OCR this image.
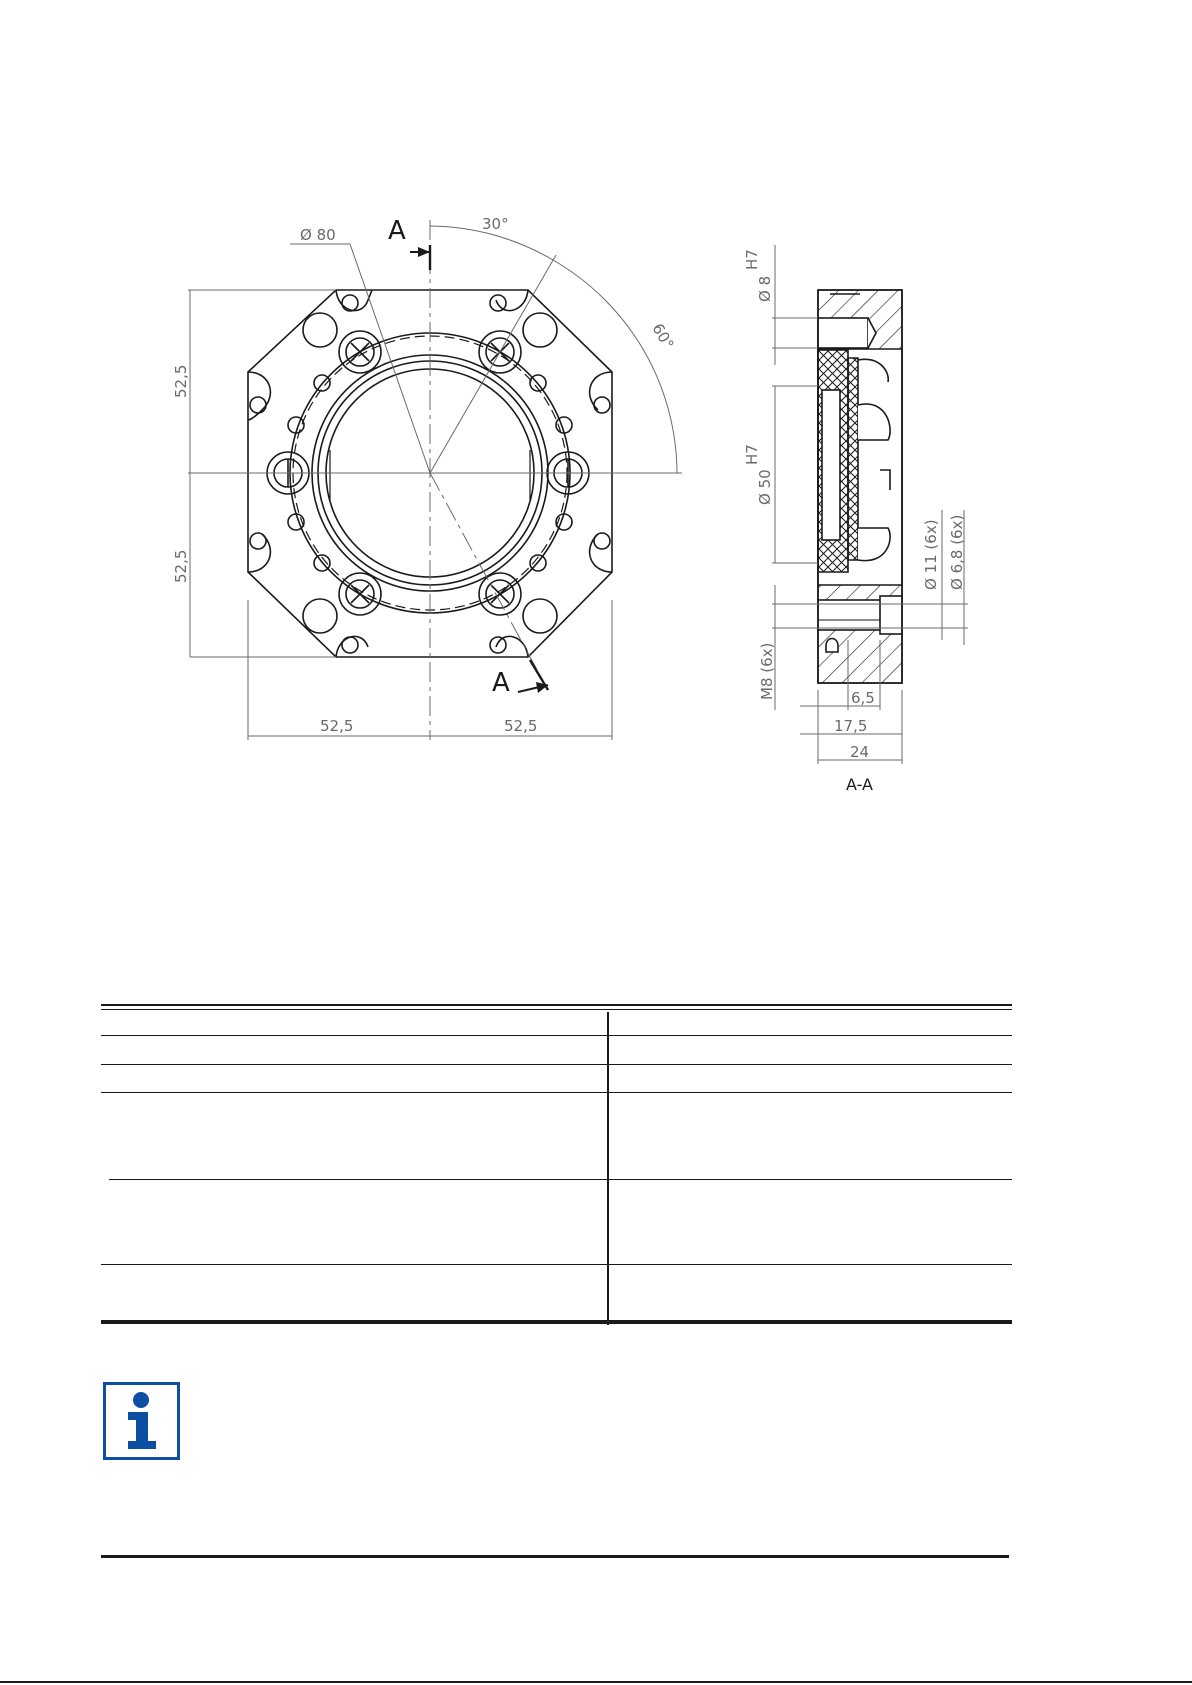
A
A
Ø 80
30°
60°
52,5
52,5
52,5	52,5
H7
Ø 8
H7
Ø 50
Ø 11 (6x) Ø 6,8 (6x)
M8 (6x)	6,5
17,5
24
A-A
